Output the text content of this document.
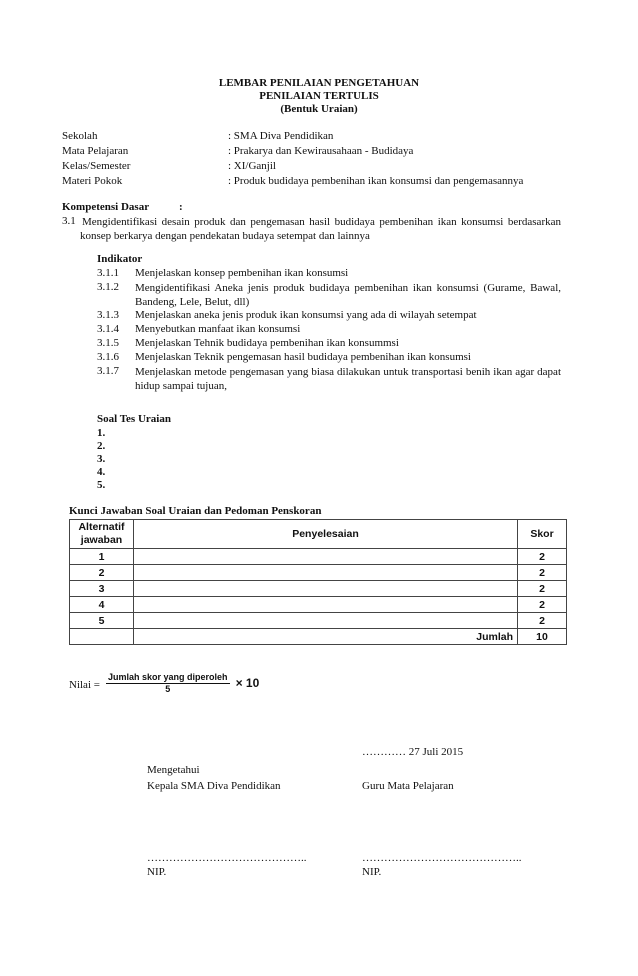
LEMBAR PENILAIAN PENGETAHUAN
PENILAIAN TERTULIS
(Bentuk Uraian)
Sekolah	: SMA Diva Pendidikan
Mata Pelajaran	: Prakarya dan Kewirausahaan - Budidaya
Kelas/Semester	: XI/Ganjil
Materi Pokok	: Produk budidaya pembenihan ikan konsumsi dan pengemasannya
Kompetensi Dasar	:
3.1 Mengidentifikasi desain produk dan pengemasan hasil budidaya pembenihan ikan konsumsi berdasarkan konsep berkarya dengan pendekatan budaya setempat dan lainnya
Indikator
3.1.1 Menjelaskan konsep pembenihan ikan konsumsi
3.1.2 Mengidentifikasi Aneka jenis produk budidaya pembenihan ikan konsumsi (Gurame, Bawal, Bandeng, Lele, Belut, dll)
3.1.3 Menjelaskan aneka jenis produk ikan konsumsi yang ada di wilayah setempat
3.1.4 Menyebutkan manfaat ikan konsumsi
3.1.5 Menjelaskan Tehnik budidaya pembenihan ikan konsummsi
3.1.6 Menjelaskan Teknik pengemasan hasil budidaya pembenihan ikan konsumsi
3.1.7 Menjelaskan metode pengemasan yang biasa dilakukan untuk transportasi benih ikan agar dapat hidup sampai tujuan,
Soal Tes Uraian
1.
2.
3.
4.
5.
Kunci Jawaban Soal Uraian dan Pedoman Penskoran
Alternatif jawaban	Penyelesaian	Skor
1		2
2		2
3		2
4		2
5		2
	Jumlah	10
Nilai = $\frac{\text{Jumlah skor yang diperoleh}}{5} \times 10$
………… 27 Juli 2015
Mengetahui
Kepala SMA Diva Pendidikan	Guru Mata Pelajaran
……………………………………..	……………………………………..
NIP.	NIP.
